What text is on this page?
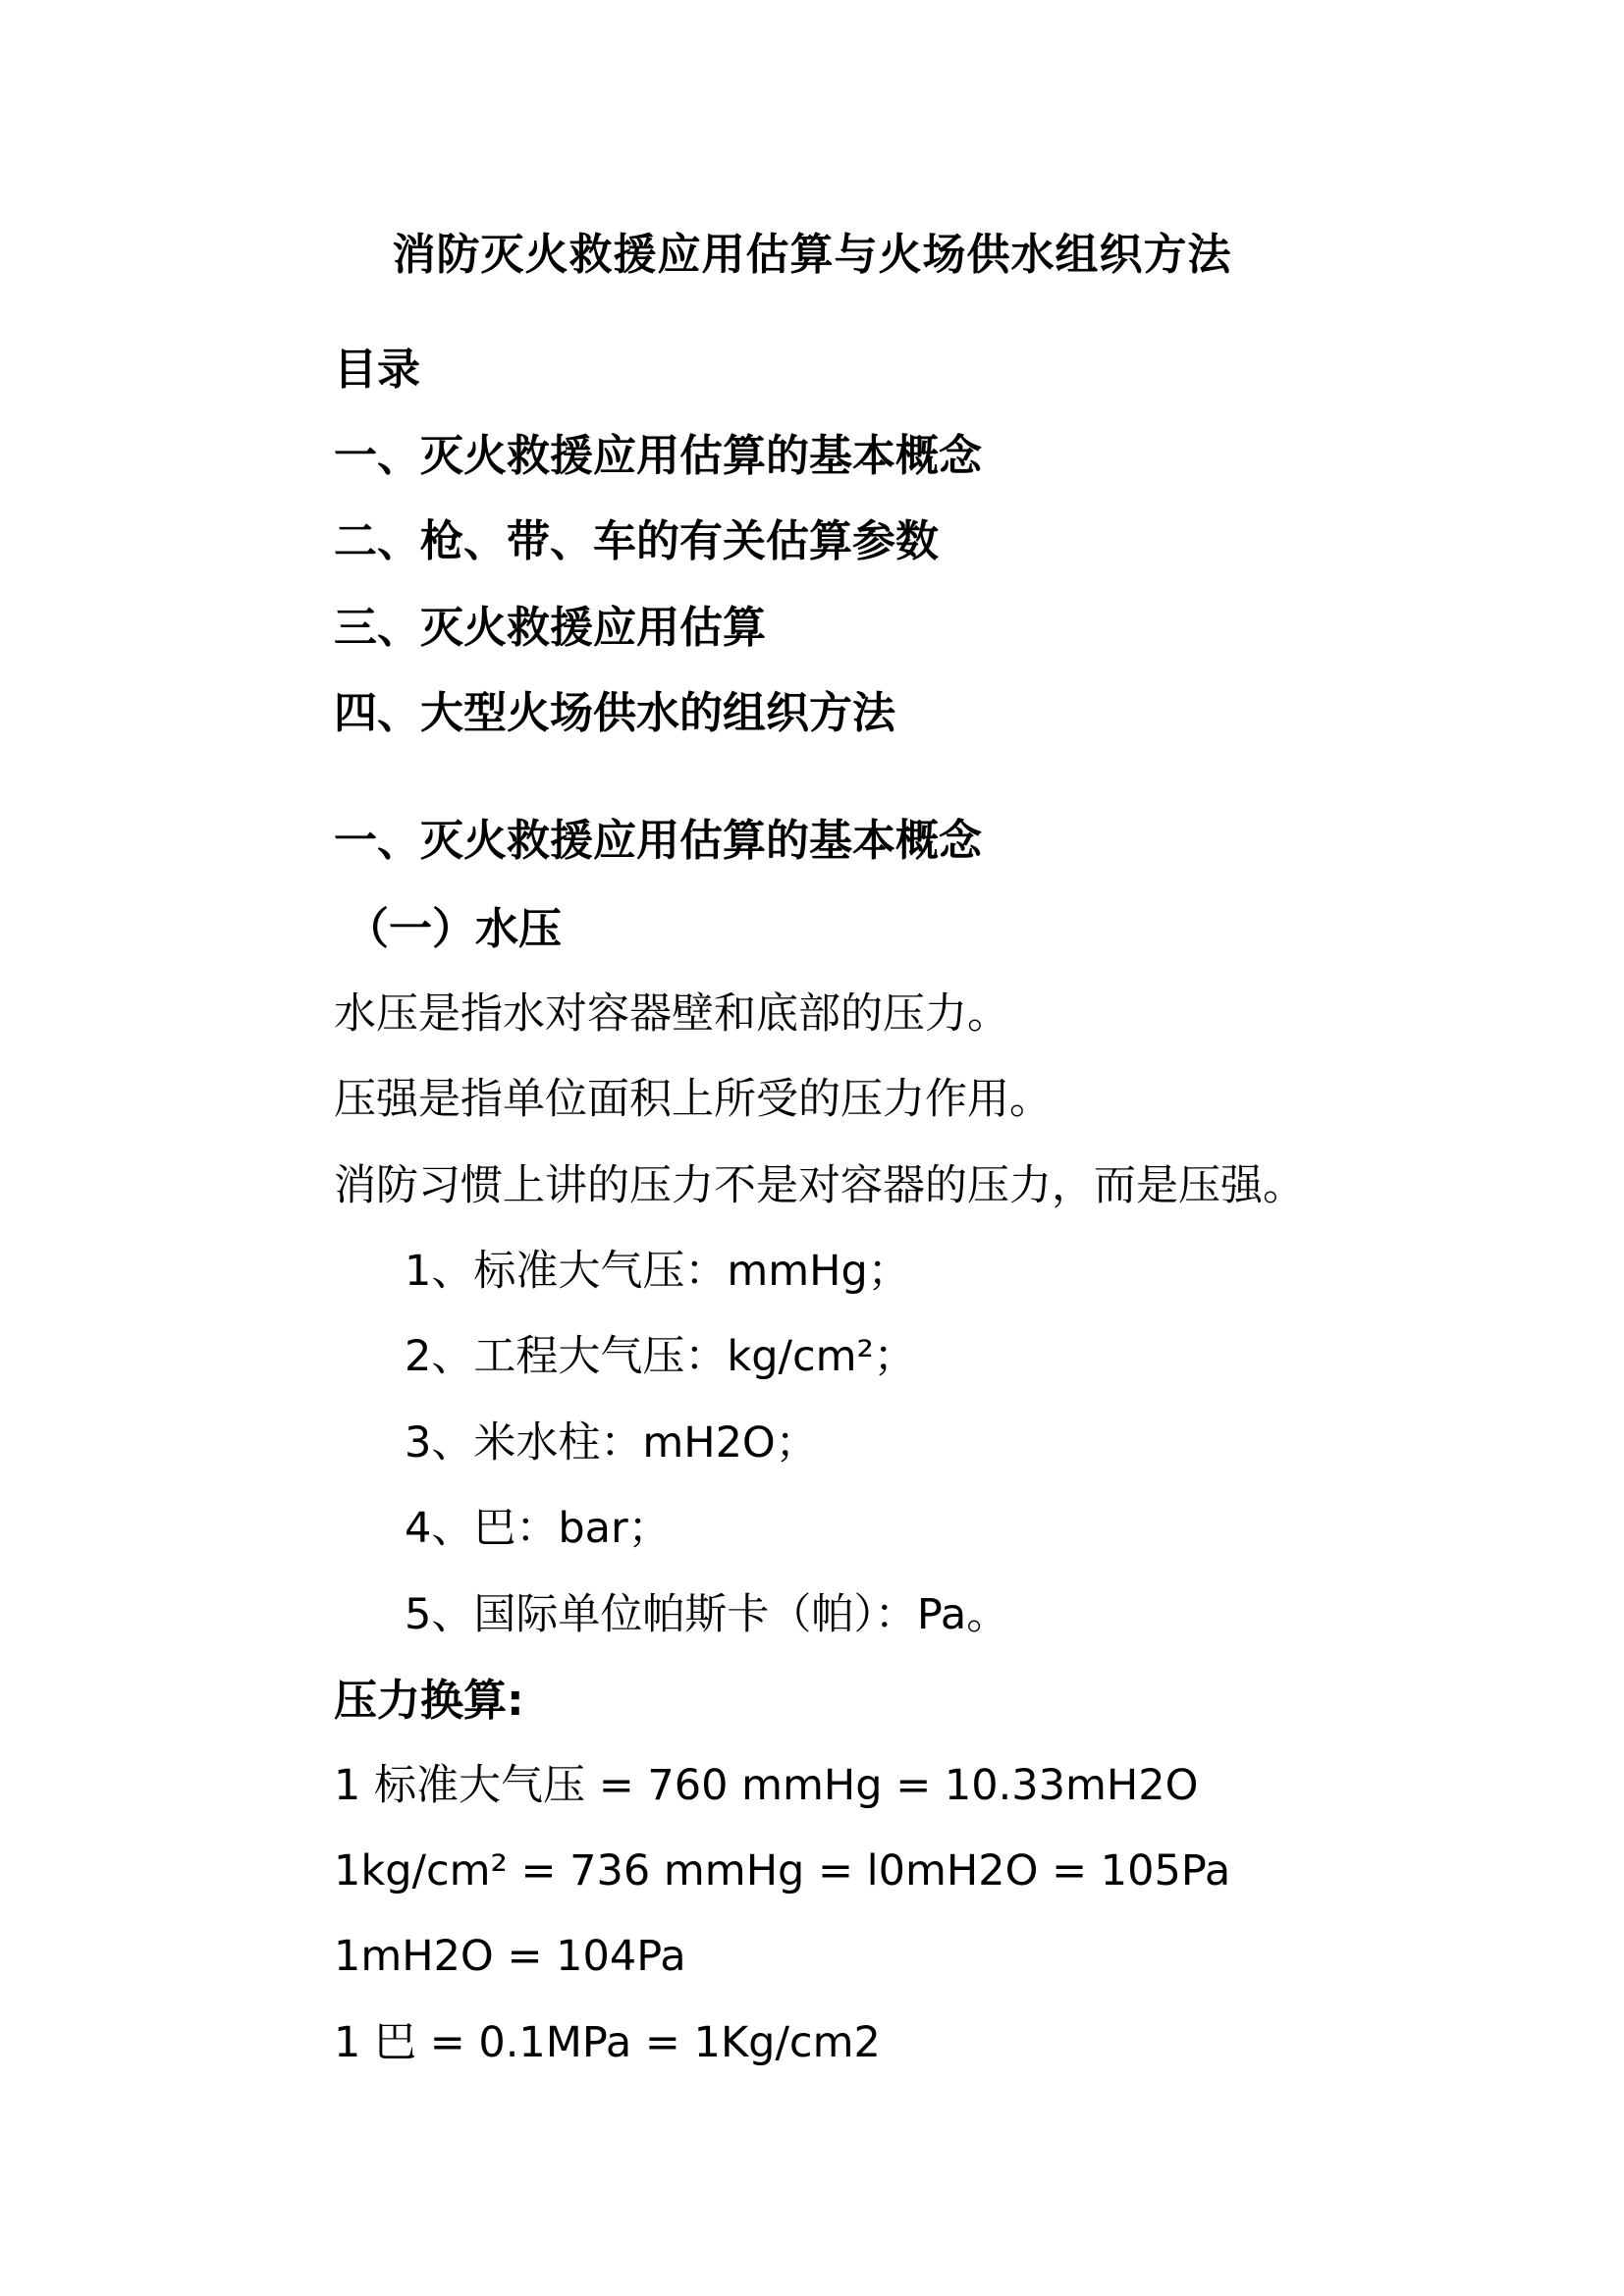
消防灭火救援应用估算与火场供水组织方法
目录
一、灭火救援应用估算的基本概念
二、枪、带、车的有关估算参数
三、灭火救援应用估算
四、大型火场供水的组织方法
一、灭火救援应用估算的基本概念
（一）水压
水压是指水对容器壁和底部的压力。
压强是指单位面积上所受的压力作用。
消防习惯上讲的压力不是对容器的压力，而是压强。
1、标准大气压：mmHg；
2、工程大气压：kg/cm²；
3、米水柱：mH2O；
4、巴：bar；
5、国际单位帕斯卡（帕）：Pa。
压力换算:
1 标准大气压 = 760 mmHg = 10.33mH2O
1kg/cm² = 736 mmHg = l0mH2O = 105Pa
1mH2O = 104Pa
1 巴 = 0.1MPa = 1Kg/cm2
